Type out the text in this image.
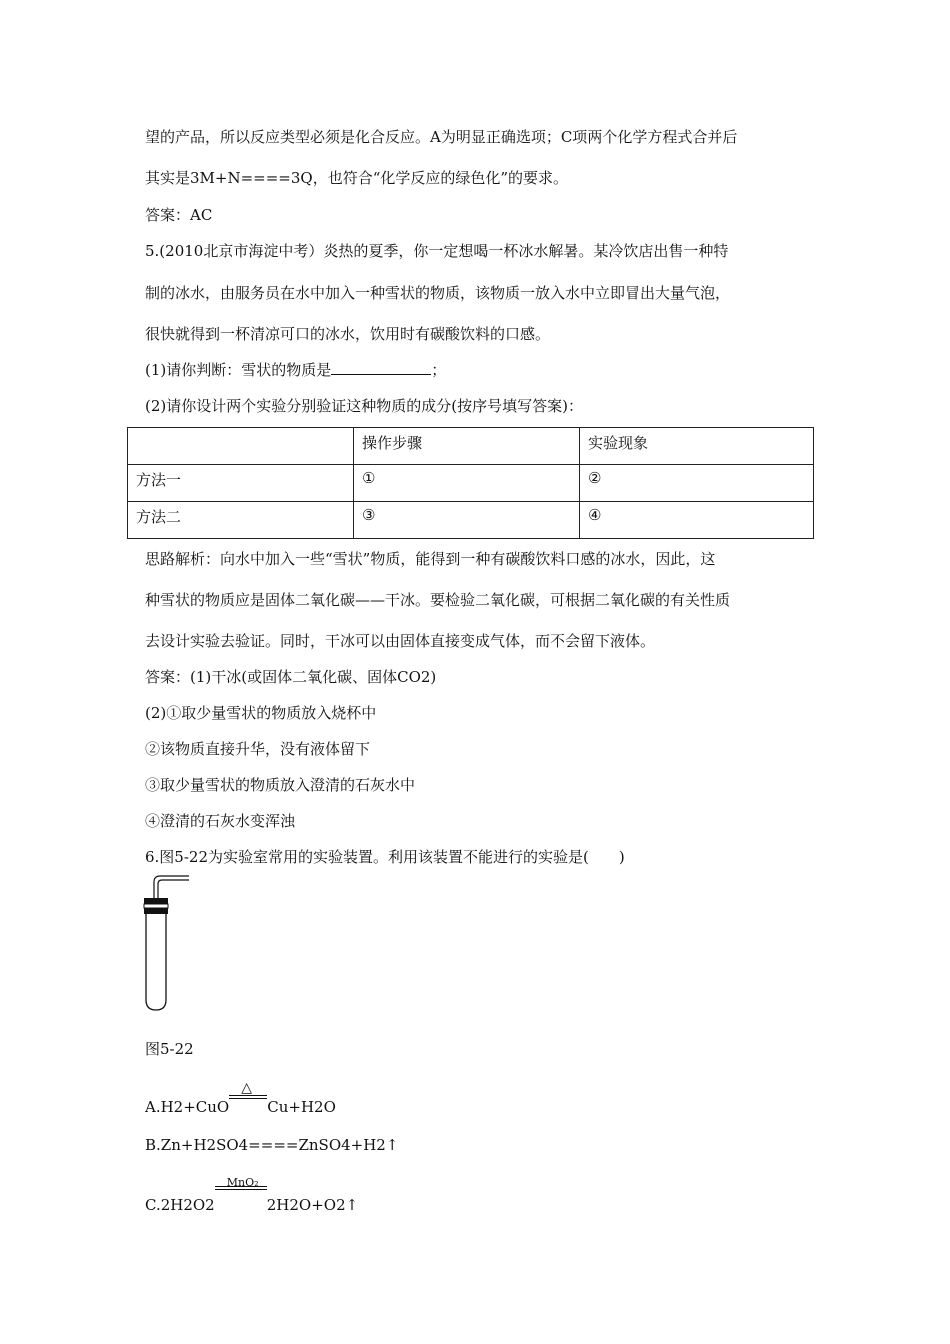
望的产品，所以反应类型必须是化合反应。A为明显正确选项；C项两个化学方程式合并后
其实是3M+N====3Q，也符合“化学反应的绿色化”的要求。
答案：AC
5.(2010北京市海淀中考）炎热的夏季，你一定想喝一杯冰水解暑。某冷饮店出售一种特
制的冰水，由服务员在水中加入一种雪状的物质，该物质一放入水中立即冒出大量气泡，
很快就得到一杯清凉可口的冰水，饮用时有碳酸饮料的口感。
(1)请你判断：雪状的物质是	；
(2)请你设计两个实验分别验证这种物质的成分(按序号填写答案)：
	操作步骤	实验现象
方法一	①	②
方法二	③	④
思路解析：向水中加入一些“雪状”物质，能得到一种有碳酸饮料口感的冰水，因此，这
种雪状的物质应是固体二氧化碳——干冰。要检验二氧化碳，可根据二氧化碳的有关性质
去设计实验去验证。同时，干冰可以由固体直接变成气体，而不会留下液体。
答案：(1)干冰(或固体二氧化碳、固体CO2)
(2)①取少量雪状的物质放入烧杯中
②该物质直接升华，没有液体留下
③取少量雪状的物质放入澄清的石灰水中
④澄清的石灰水变浑浊
6.图5-22为实验室常用的实验装置。利用该装置不能进行的实验是(　　)
图5-22
A.H2+CuO
△
Cu+H2O
B.Zn+H2SO4====ZnSO4+H2↑
C.2H2O2
MnO₂
2H2O+O2↑
